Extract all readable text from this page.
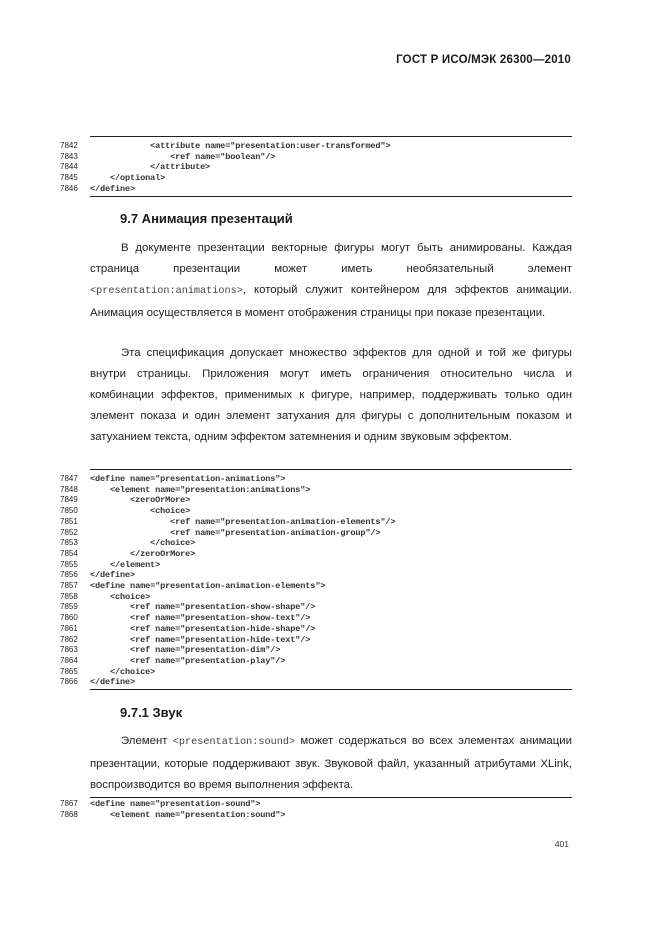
ГОСТ Р ИСО/МЭК 26300—2010
7842	<attribute name="presentation:user-transformed">
7843	<ref name="boolean"/>
7844	</attribute>
7845	</optional>
7846	</define>
9.7 Анимация презентаций
В документе презентации векторные фигуры могут быть анимированы. Каждая страница презентации может иметь необязательный элемент <presentation:animations>, который служит контейнером для эффектов анимации. Анимация осуществляется в момент отображения страницы при показе презентации.
Эта спецификация допускает множество эффектов для одной и той же фигуры внутри страницы. Приложения могут иметь ограничения относительно числа и комбинации эффектов, применимых к фигуре, например, поддерживать только один элемент показа и один элемент затухания для фигуры с дополнительным показом и затуханием текста, одним эффектом затемнения и одним звуковым эффектом.
7847	<define name="presentation-animations">
7848	<element name="presentation:animations">
7849	<zeroOrMore>
7850	<choice>
7851	<ref name="presentation-animation-elements"/>
7852	<ref name="presentation-animation-group"/>
7853	</choice>
7854	</zeroOrMore>
7855	</element>
7856	</define>
7857	<define name="presentation-animation-elements">
7858	<choice>
7859	<ref name="presentation-show-shape"/>
7860	<ref name="presentation-show-text"/>
7861	<ref name="presentation-hide-shape"/>
7862	<ref name="presentation-hide-text"/>
7863	<ref name="presentation-dim"/>
7864	<ref name="presentation-play"/>
7865	</choice>
7866	</define>
9.7.1 Звук
Элемент <presentation:sound> может содержаться во всех элементах анимации презентации, которые поддерживают звук. Звуковой файл, указанный атрибутами XLink, воспроизводится во время выполнения эффекта.
7867	<define name="presentation-sound">
7868	<element name="presentation:sound">
401
